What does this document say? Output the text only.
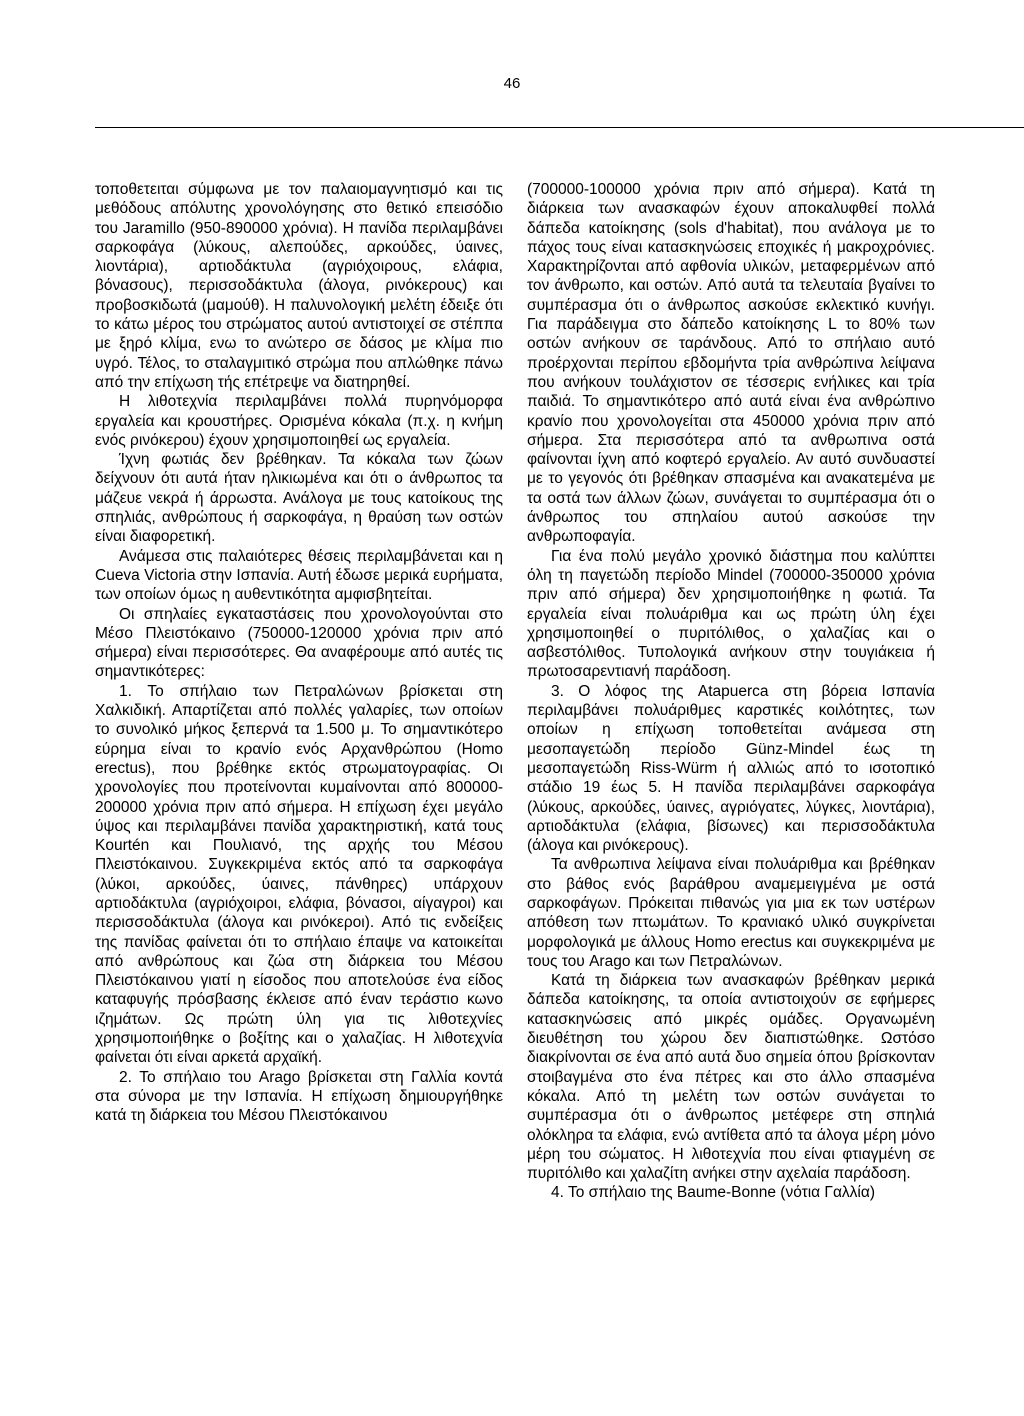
46

τοποθετειται σύμφωνα με τον παλαιομαγνητισμό και τις μεθόδους απόλυτης χρονολόγησης στο θετικό επεισόδιο του Jaramillo (950-890000 χρόνια). Η πανίδα περιλαμβάνει σαρκοφάγα (λύκους, αλεπούδες, αρκούδες, ύαινες, λιοντάρια), αρτιοδάκτυλα (αγριόχοιρους, ελάφια, βόνασους), περισσοδάκτυλα (άλογα, ρινόκερους) και προβοσκιδωτά (μαμούθ). Η παλυνολογική μελέτη έδειξε ότι το κάτω μέρος του στρώματος αυτού αντιστοιχεί σε στέππα με ξηρό κλίμα, ενω το ανώτερο σε δάσος με κλίμα πιο υγρό. Τέλος, το σταλαγμιτικό στρώμα που απλώθηκε πάνω από την επίχωση τής επέτρεψε να διατηρηθεί.

Η λιθοτεχνία περιλαμβάνει πολλά πυρηνόμορφα εργαλεία και κρουστήρες. Ορισμένα κόκαλα (π.χ. η κνήμη ενός ρινόκερου) έχουν χρησιμοποιηθεί ως εργαλεία.

Ίχνη φωτιάς δεν βρέθηκαν. Τα κόκαλα των ζώων δείχνουν ότι αυτά ήταν ηλικιωμένα και ότι ο άνθρωπος τα μάζευε νεκρά ή άρρωστα. Ανάλογα με τους κατοίκους της σπηλιάς, ανθρώπους ή σαρκοφάγα, η θραύση των οστών είναι διαφορετική.

Ανάμεσα στις παλαιότερες θέσεις περιλαμβάνεται και η Cueva Victoria στην Ισπανία. Αυτή έδωσε μερικά ευρήματα, των οποίων όμως η αυθεντικότητα αμφισβητείται.

Οι σπηλαίες εγκαταστάσεις που χρονολογούνται στο Μέσο Πλειστόκαινο (750000-120000 χρόνια πριν από σήμερα) είναι περισσότερες. Θα αναφέρουμε από αυτές τις σημαντικότερες:

1. Το σπήλαιο των Πετραλώνων βρίσκεται στη Χαλκιδική. Απαρτίζεται από πολλές γαλαρίες, των οποίων το συνολικό μήκος ξεπερνά τα 1.500 μ. Το σημαντικότερο εύρημα είναι το κρανίο ενός Αρχανθρώπου (Homo erectus), που βρέθηκε εκτός στρωματογραφίας. Οι χρονολογίες που προτείνονται κυμαίνονται από 800000-200000 χρόνια πριν από σήμερα. Η επίχωση έχει μεγάλο ύψος και περιλαμβάνει πανίδα χαρακτηριστική, κατά τους Kourtén και Πουλιανό, της αρχής του Μέσου Πλειστόκαινου. Συγκεκριμένα εκτός από τα σαρκοφάγα (λύκοι, αρκούδες, ύαινες, πάνθηρες) υπάρχουν αρτιοδάκτυλα (αγριόχοιροι, ελάφια, βόνασοι, αίγαγροι) και περισσοδάκτυλα (άλογα και ρινόκεροι). Από τις ενδείξεις της πανίδας φαίνεται ότι το σπήλαιο έπαψε να κατοικείται από ανθρώπους και ζώα στη διάρκεια του Μέσου Πλειστόκαινου γιατί η είσοδος που αποτελούσε ένα είδος καταφυγής πρόσβασης έκλεισε από έναν τεράστιο κωνο ιζημάτων. Ως πρώτη ύλη για τις λιθοτεχνίες χρησιμοποιήθηκε ο βοξίτης και ο χαλαζίας. Η λιθοτεχνία φαίνεται ότι είναι αρκετά αρχαϊκή.

2. Το σπήλαιο του Arago βρίσκεται στη Γαλλία κοντά στα σύνορα με την Ισπανία. Η επίχωση δημιουργήθηκε κατά τη διάρκεια του Μέσου Πλειστόκαινου

(700000-100000 χρόνια πριν από σήμερα). Κατά τη διάρκεια των ανασκαφών έχουν αποκαλυφθεί πολλά δάπεδα κατοίκησης (sols d'habitat), που ανάλογα με το πάχος τους είναι κατασκηνώσεις εποχικές ή μακροχρόνιες. Χαρακτηρίζονται από αφθονία υλικών, μεταφερμένων από τον άνθρωπο, και οστών. Από αυτά τα τελευταία βγαίνει το συμπέρασμα ότι ο άνθρωπος ασκούσε εκλεκτικό κυνήγι. Για παράδειγμα στο δάπεδο κατοίκησης L το 80% των οστών ανήκουν σε ταράνδους. Από το σπήλαιο αυτό προέρχονται περίπου εβδομήντα τρία ανθρώπινα λείψανα που ανήκουν τουλάχιστον σε τέσσερις ενήλικες και τρία παιδιά. Το σημαντικότερο από αυτά είναι ένα ανθρώπινο κρανίο που χρονολογείται στα 450000 χρόνια πριν από σήμερα. Στα περισσότερα από τα ανθρωπινα οστά φαίνονται ίχνη από κοφτερό εργαλείο. Αν αυτό συνδυαστεί με το γεγονός ότι βρέθηκαν σπασμένα και ανακατεμένα με τα οστά των άλλων ζώων, συνάγεται το συμπέρασμα ότι ο άνθρωπος του σπηλαίου αυτού ασκούσε την ανθρωποφαγία.

Για ένα πολύ μεγάλο χρονικό διάστημα που καλύπτει όλη τη παγετώδη περίοδο Mindel (700000-350000 χρόνια πριν από σήμερα) δεν χρησιμοποιήθηκε η φωτιά. Τα εργαλεία είναι πολυάριθμα και ως πρώτη ύλη έχει χρησιμοποιηθεί ο πυριτόλιθος, ο χαλαζίας και ο ασβεστόλιθος. Τυπολογικά ανήκουν στην τουγιάκεια ή πρωτοσαρεντιανή παράδοση.

3. Ο λόφος της Atapuerca στη βόρεια Ισπανία περιλαμβάνει πολυάριθμες καρστικές κοιλότητες, των οποίων η επίχωση τοποθετείται ανάμεσα στη μεσοπαγετώδη περίοδο Günz-Mindel έως τη μεσοπαγετώδη Riss-Würm ή αλλιώς από το ισοτοπικό στάδιο 19 έως 5. Η πανίδα περιλαμβάνει σαρκοφάγα (λύκους, αρκούδες, ύαινες, αγριόγατες, λύγκες, λιοντάρια), αρτιοδάκτυλα (ελάφια, βίσωνες) και περισσοδάκτυλα (άλογα και ρινόκερους).

Τα ανθρωπινα λείψανα είναι πολυάριθμα και βρέθηκαν στο βάθος ενός βαράθρου αναμεμειγμένα με οστά σαρκοφάγων. Πρόκειται πιθανώς για μια εκ των υστέρων απόθεση των πτωμάτων. Το κρανιακό υλικό συγκρίνεται μορφολογικά με άλλους Homo erectus και συγκεκριμένα με τους του Arago και των Πετραλώνων.

Κατά τη διάρκεια των ανασκαφών βρέθηκαν μερικά δάπεδα κατοίκησης, τα οποία αντιστοιχούν σε εφήμερες κατασκηνώσεις από μικρές ομάδες. Οργανωμένη διευθέτηση του χώρου δεν διαπιστώθηκε. Ωστόσο διακρίνονται σε ένα από αυτά δυο σημεία όπου βρίσκονταν στοιβαγμένα στο ένα πέτρες και στο άλλο σπασμένα κόκαλα. Από τη μελέτη των οστών συνάγεται το συμπέρασμα ότι ο άνθρωπος μετέφερε στη σπηλιά ολόκληρα τα ελάφια, ενώ αντίθετα από τα άλογα μέρη μόνο μέρη του σώματος. Η λιθοτεχνία που είναι φτιαγμένη σε πυριτόλιθο και χαλαζίτη ανήκει στην αχελαία παράδοση.

4. Το σπήλαιο της Baume-Bonne (νότια Γαλλία)
